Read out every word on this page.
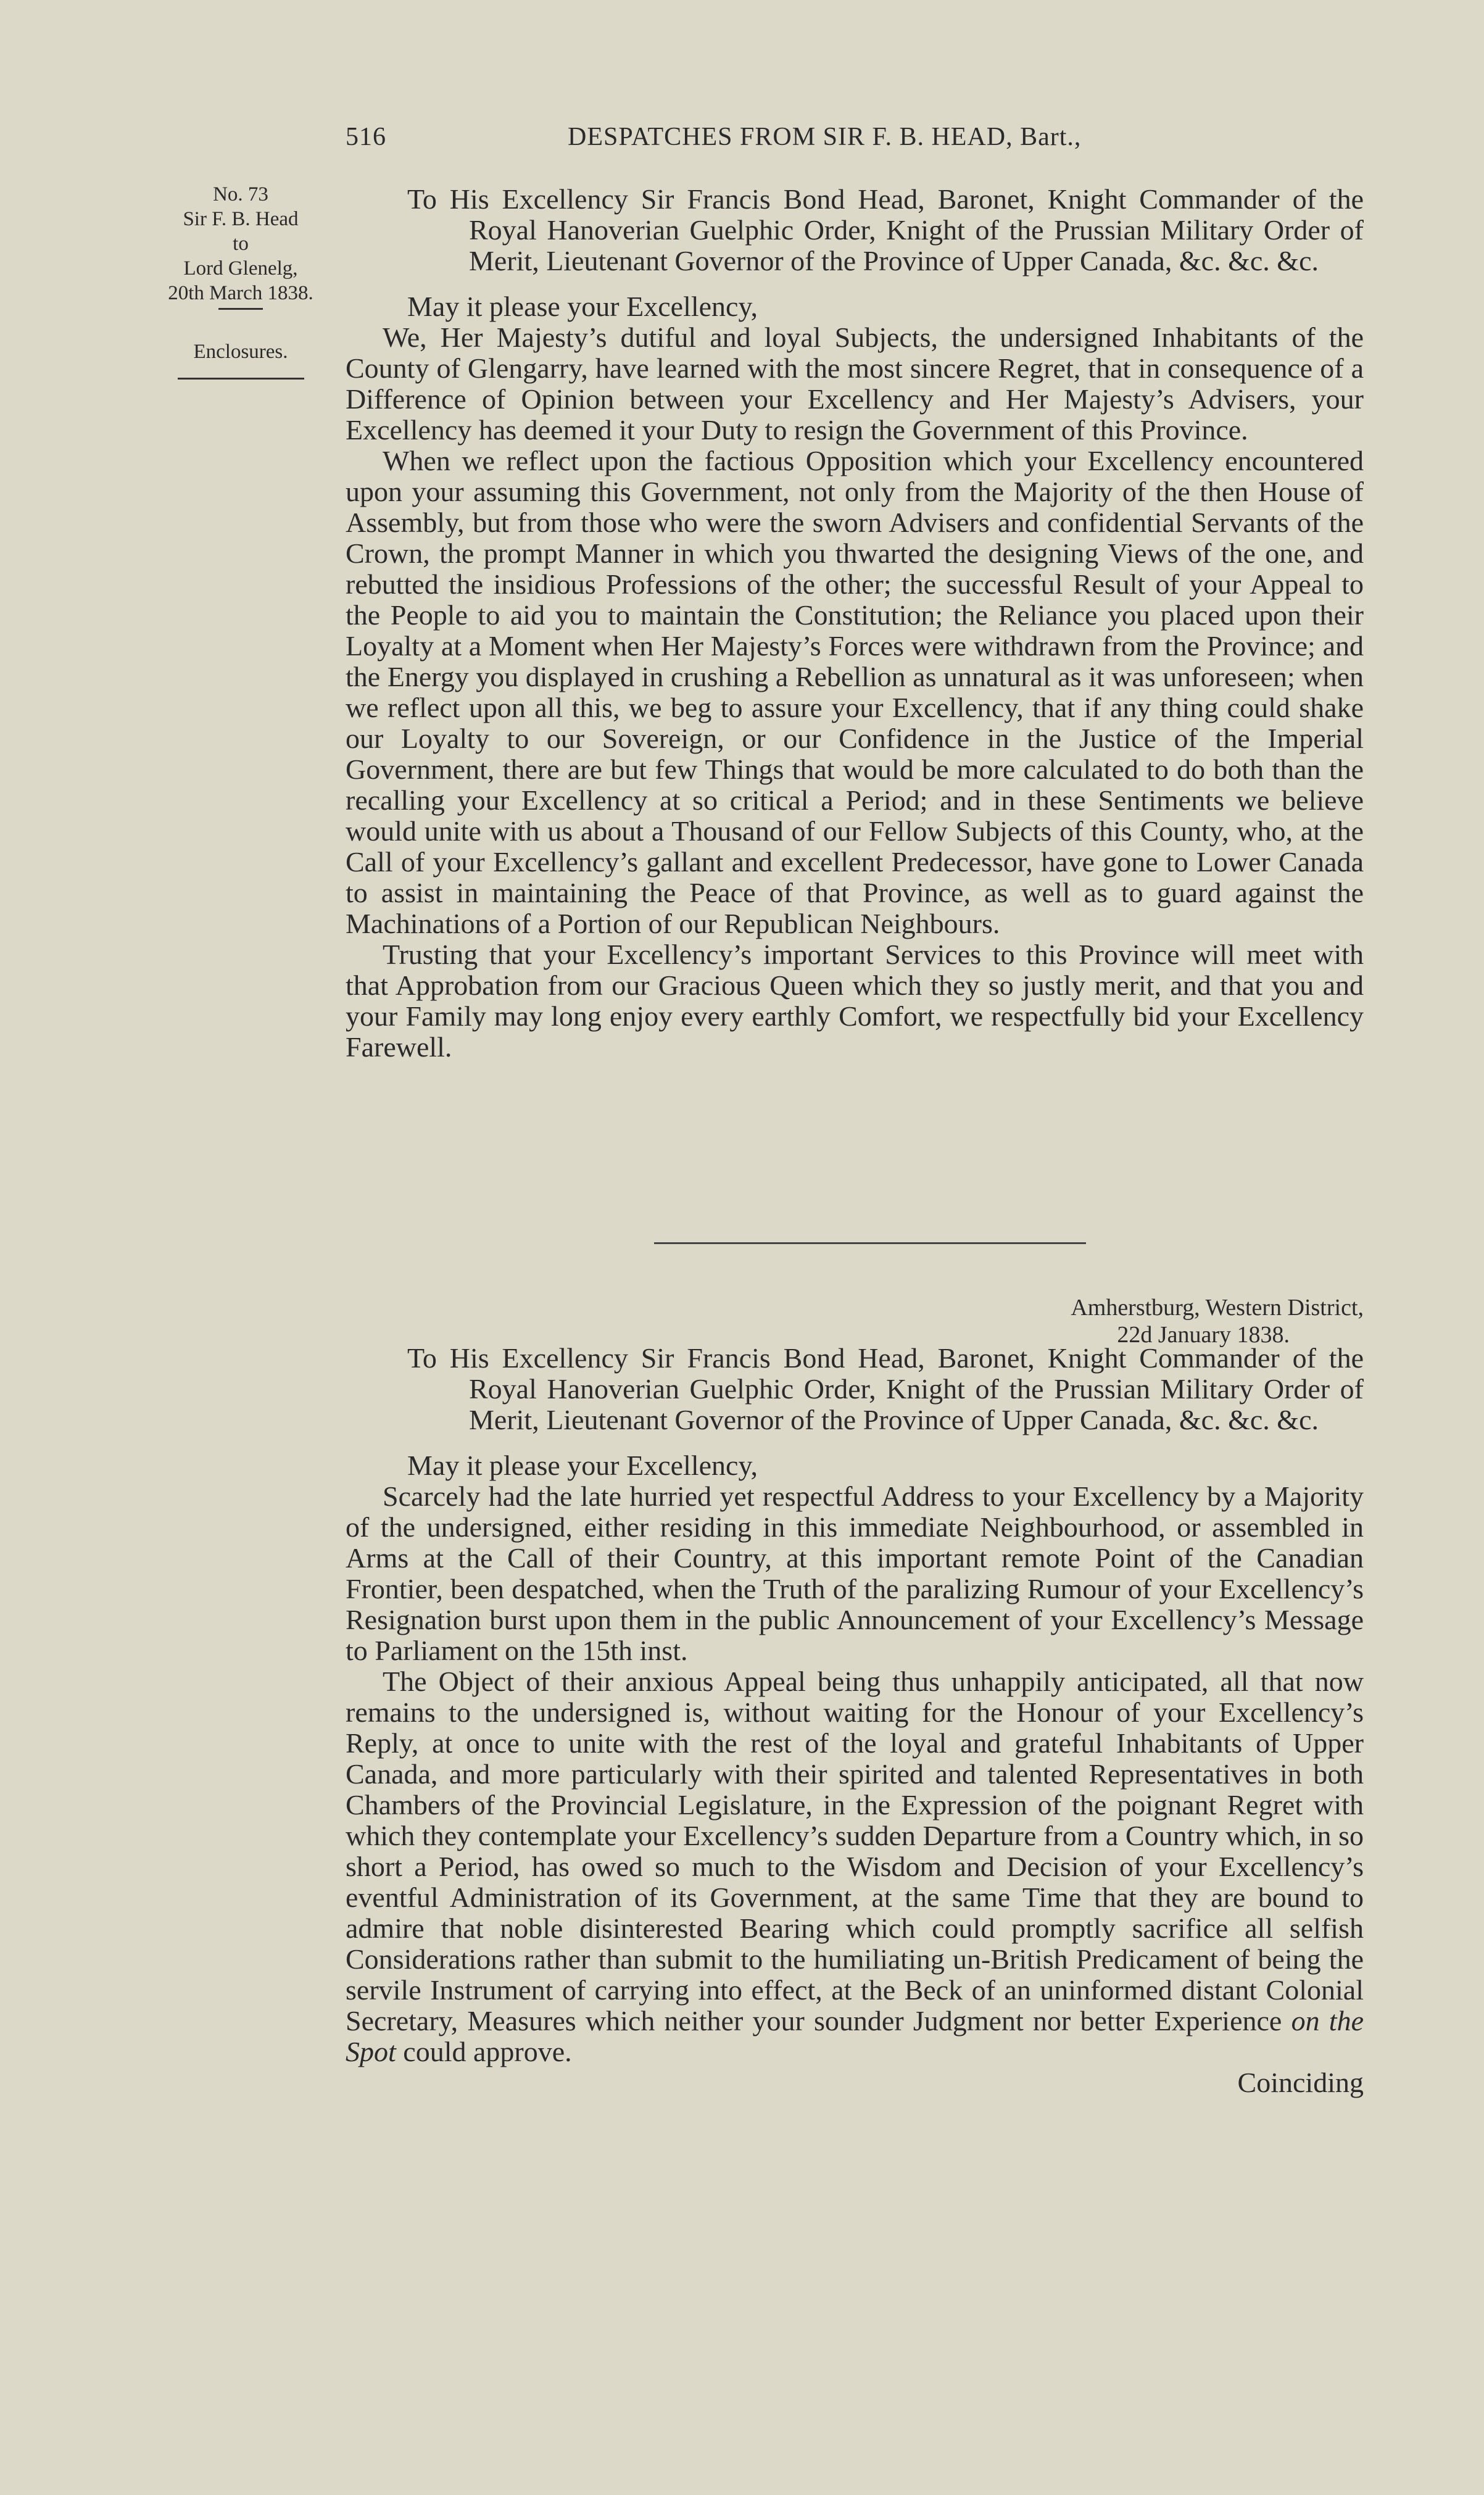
516	DESPATCHES FROM SIR F. B. HEAD, Bart.,
No. 73
Sir F. B. Head
to
Lord Glenelg,
20th March 1838.
Enclosures.
To His Excellency Sir Francis Bond Head, Baronet, Knight Commander of the Royal Hanoverian Guelphic Order, Knight of the Prussian Military Order of Merit, Lieutenant Governor of the Province of Upper Canada, &c. &c. &c.
May it please your Excellency,

We, Her Majesty’s dutiful and loyal Subjects, the undersigned Inhabitants of the County of Glengarry, have learned with the most sincere Regret, that in consequence of a Difference of Opinion between your Excellency and Her Majesty’s Advisers, your Excellency has deemed it your Duty to resign the Government of this Province.

When we reflect upon the factious Opposition which your Excellency encountered upon your assuming this Government, not only from the Majority of the then House of Assembly, but from those who were the sworn Advisers and confidential Servants of the Crown, the prompt Manner in which you thwarted the designing Views of the one, and rebutted the insidious Professions of the other; the successful Result of your Appeal to the People to aid you to maintain the Constitution; the Reliance you placed upon their Loyalty at a Moment when Her Majesty’s Forces were withdrawn from the Province; and the Energy you displayed in crushing a Rebellion as unnatural as it was unforeseen; when we reflect upon all this, we beg to assure your Excellency, that if any thing could shake our Loyalty to our Sovereign, or our Confidence in the Justice of the Imperial Government, there are but few Things that would be more calculated to do both than the recalling your Excellency at so critical a Period; and in these Sentiments we believe would unite with us about a Thousand of our Fellow Subjects of this County, who, at the Call of your Excellency’s gallant and excellent Predecessor, have gone to Lower Canada to assist in maintaining the Peace of that Province, as well as to guard against the Machinations of a Portion of our Republican Neighbours.

Trusting that your Excellency’s important Services to this Province will meet with that Approbation from our Gracious Queen which they so justly merit, and that you and your Family may long enjoy every earthly Comfort, we respectfully bid your Excellency Farewell.

Amherstburg, Western District,
22d January 1838.
To His Excellency Sir Francis Bond Head, Baronet, Knight Commander of the Royal Hanoverian Guelphic Order, Knight of the Prussian Military Order of Merit, Lieutenant Governor of the Province of Upper Canada, &c. &c. &c.
May it please your Excellency,

Scarcely had the late hurried yet respectful Address to your Excellency by a Majority of the undersigned, either residing in this immediate Neighbourhood, or assembled in Arms at the Call of their Country, at this important remote Point of the Canadian Frontier, been despatched, when the Truth of the paralizing Rumour of your Excellency’s Resignation burst upon them in the public Announcement of your Excellency’s Message to Parliament on the 15th inst.

The Object of their anxious Appeal being thus unhappily anticipated, all that now remains to the undersigned is, without waiting for the Honour of your Excellency’s Reply, at once to unite with the rest of the loyal and grateful Inhabitants of Upper Canada, and more particularly with their spirited and talented Representatives in both Chambers of the Provincial Legislature, in the Expression of the poignant Regret with which they contemplate your Excellency’s sudden Departure from a Country which, in so short a Period, has owed so much to the Wisdom and Decision of your Excellency’s eventful Administration of its Government, at the same Time that they are bound to admire that noble disinterested Bearing which could promptly sacrifice all selfish Considerations rather than submit to the humiliating un-British Predicament of being the servile Instrument of carrying into effect, at the Beck of an uninformed distant Colonial Secretary, Measures which neither your sounder Judgment nor better Experience on the Spot could approve.

Coinciding
